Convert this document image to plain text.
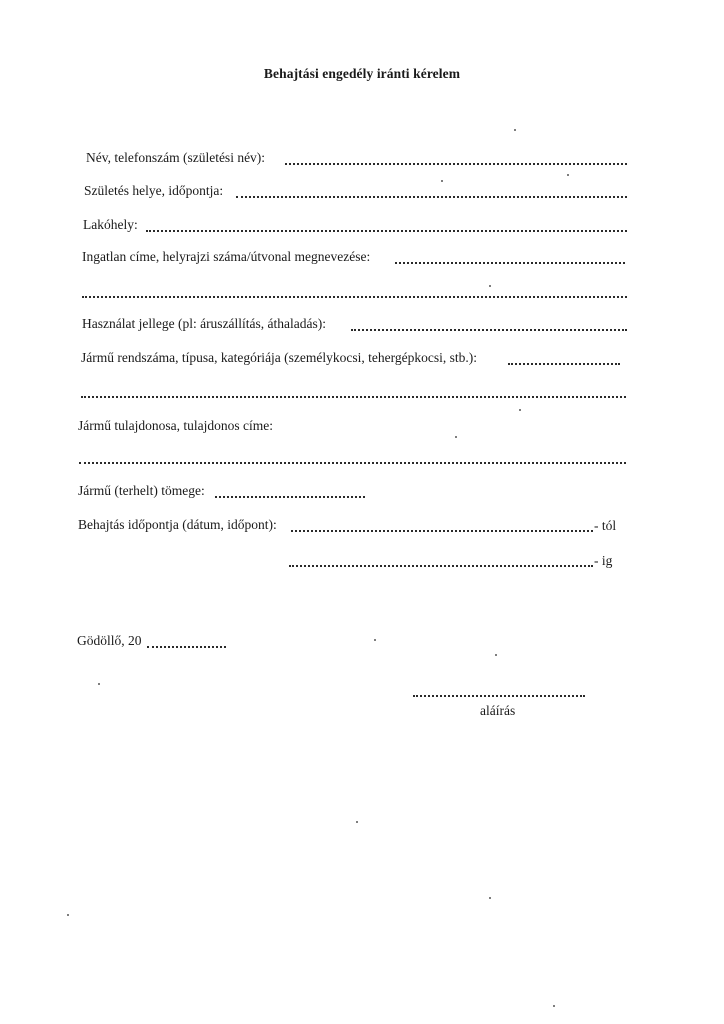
Behajtási engedély iránti kérelem
Név, telefonszám (születési név):
Születés helye, időpontja:
Lakóhely:
Ingatlan címe, helyrajzi száma/útvonal megnevezése:
Használat jellege (pl: áruszállítás, áthaladás):
Jármű rendszáma, típusa, kategóriája (személykocsi, tehergépkocsi, stb.):
Jármű tulajdonosa, tulajdonos címe:
Jármű (terhelt) tömege:
Behajtás időpontja (dátum, időpont):	- tól
- ig
Gödöllő, 20
aláírás
